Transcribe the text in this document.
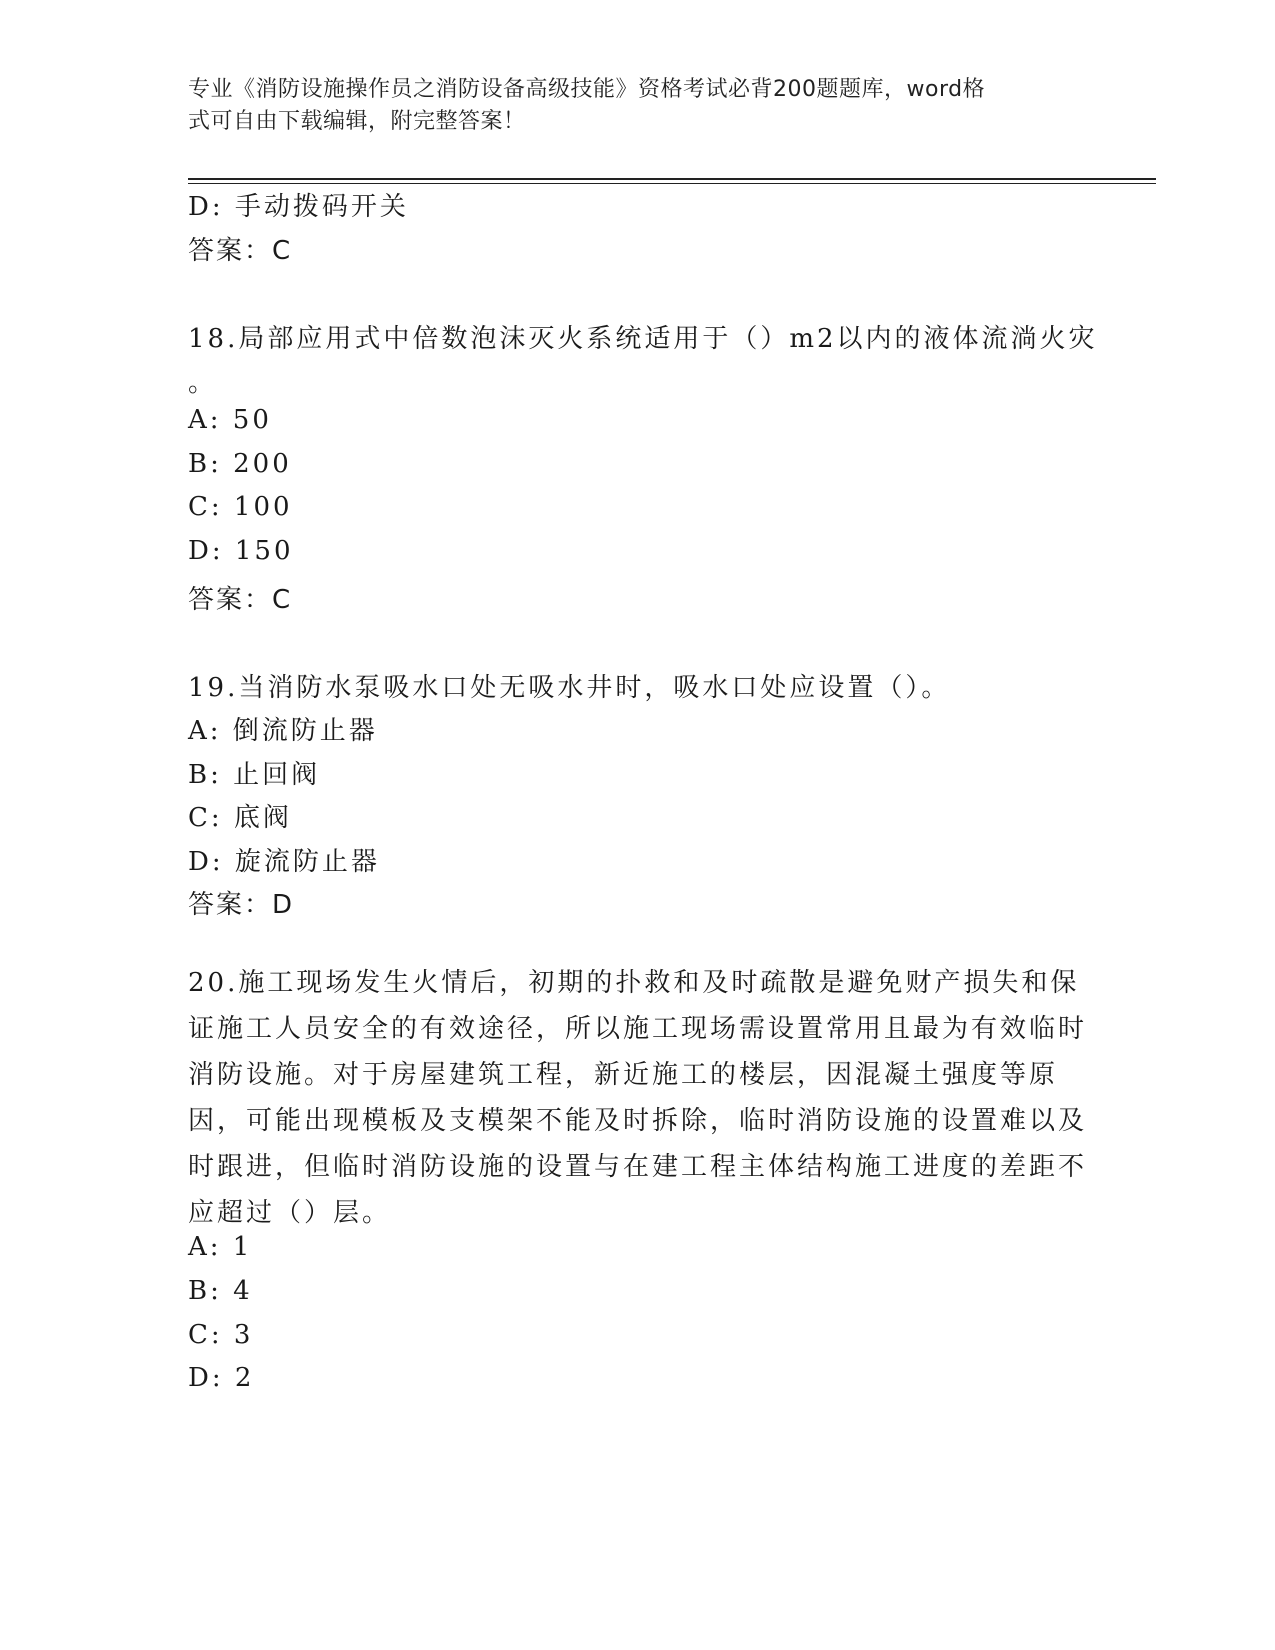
专业《消防设施操作员之消防设备高级技能》资格考试必背200题题库，word格
式可自由下载编辑，附完整答案！
D: 手动拨码开关
答案：C
18.局部应用式中倍数泡沫灭火系统适用于（）m2以内的液体流淌火灾
。
A: 50
B: 200
C: 100
D: 150
答案：C
19.当消防水泵吸水口处无吸水井时，吸水口处应设置（）。
A: 倒流防止器
B: 止回阀
C: 底阀
D: 旋流防止器
答案：D
20.施工现场发生火情后，初期的扑救和及时疏散是避免财产损失和保证施工人员安全的有效途径，所以施工现场需设置常用且最为有效临时消防设施。对于房屋建筑工程，新近施工的楼层，因混凝土强度等原因，可能出现模板及支模架不能及时拆除，临时消防设施的设置难以及时跟进，但临时消防设施的设置与在建工程主体结构施工进度的差距不应超过（）层。
A: 1
B: 4
C: 3
D: 2
